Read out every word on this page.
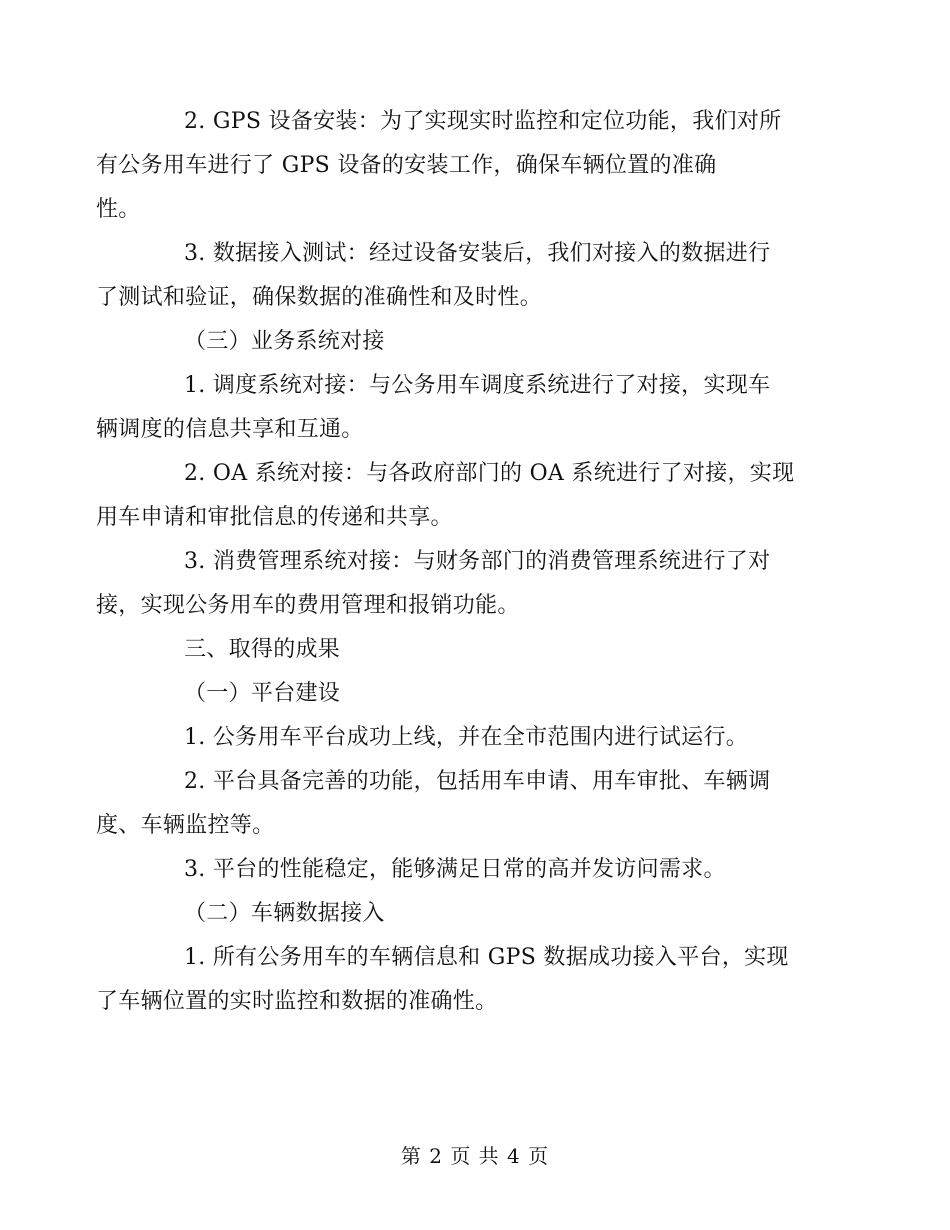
2. GPS 设备安装：为了实现实时监控和定位功能，我们对所
有公务用车进行了 GPS 设备的安装工作，确保车辆位置的准确
性。

3. 数据接入测试：经过设备安装后，我们对接入的数据进行
了测试和验证，确保数据的准确性和及时性。

（三）业务系统对接

1. 调度系统对接：与公务用车调度系统进行了对接，实现车
辆调度的信息共享和互通。

2. OA 系统对接：与各政府部门的 OA 系统进行了对接，实现
用车申请和审批信息的传递和共享。

3. 消费管理系统对接：与财务部门的消费管理系统进行了对
接，实现公务用车的费用管理和报销功能。

三、取得的成果

（一）平台建设

1. 公务用车平台成功上线，并在全市范围内进行试运行。

2. 平台具备完善的功能，包括用车申请、用车审批、车辆调
度、车辆监控等。

3. 平台的性能稳定，能够满足日常的高并发访问需求。

（二）车辆数据接入

1. 所有公务用车的车辆信息和 GPS 数据成功接入平台，实现
了车辆位置的实时监控和数据的准确性。

第 2 页 共 4 页
